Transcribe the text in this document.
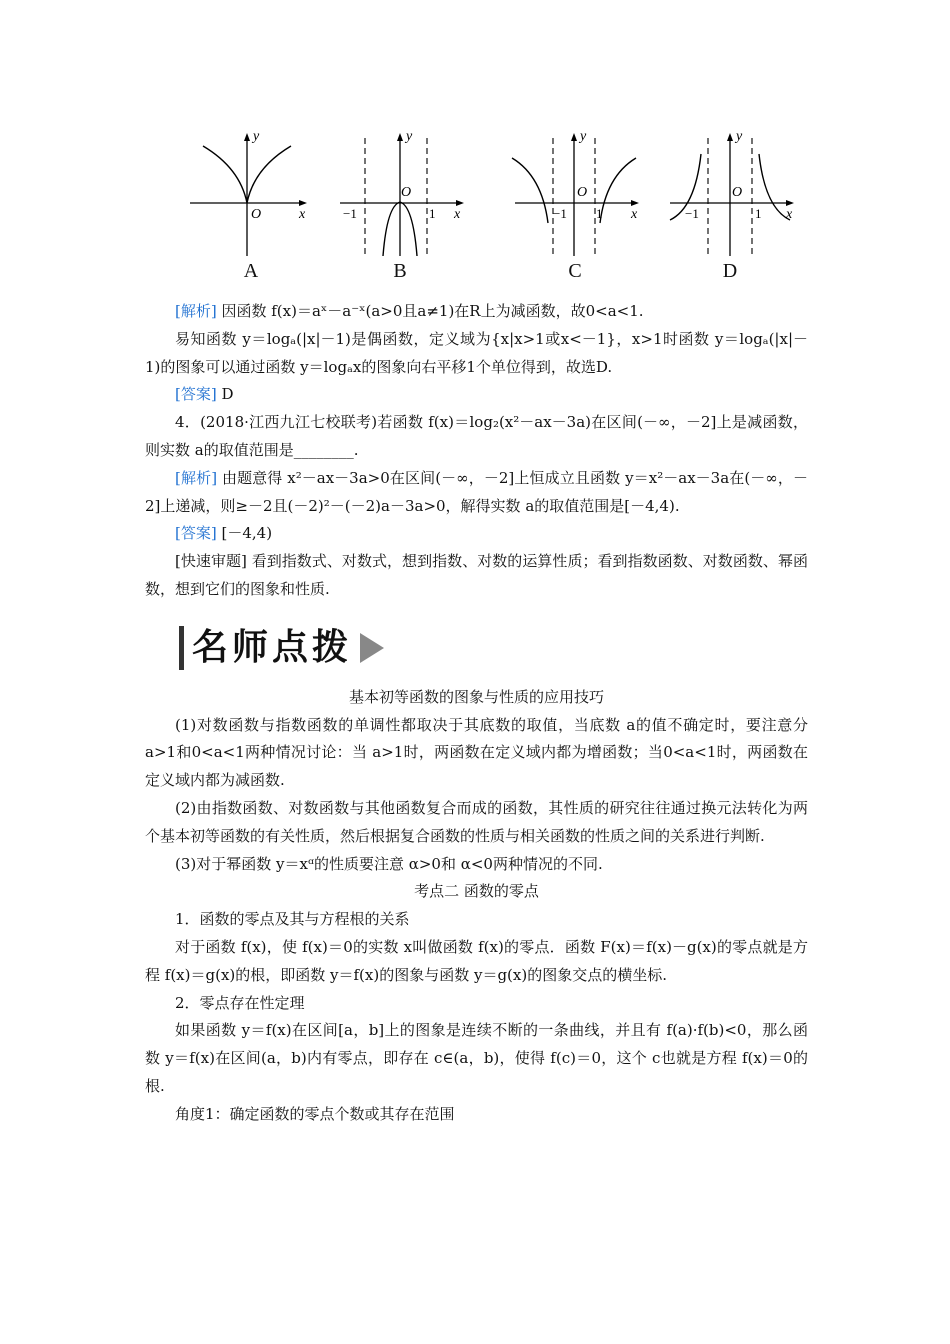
y
x
O
A
y
x
O
−1	1
B
y
x
O
−1 1
C
y
x
O
−1	1
D

[解析] 因函数 f(x)＝aˣ－a⁻ˣ(a>0且a≠1)在R上为减函数，故0<a<1.

易知函数 y＝logₐ(|x|－1)是偶函数，定义域为{x|x>1或x<－1}，x>1时函数 y＝logₐ(|x|－1)的图象可以通过函数 y＝logₐx的图象向右平移1个单位得到，故选D.

[答案] D

4．(2018·江西九江七校联考)若函数 f(x)＝log₂(x²－ax－3a)在区间(－∞，－2]上是减函数，则实数 a的取值范围是________.

[解析] 由题意得 x²－ax－3a>0在区间(－∞，－2]上恒成立且函数 y＝x²－ax－3a在(－∞，－2]上递减，则≥－2且(－2)²－(－2)a－3a>0，解得实数 a的取值范围是[－4,4).

[答案] [－4,4)

[快速审题] 看到指数式、对数式，想到指数、对数的运算性质；看到指数函数、对数函数、幂函数，想到它们的图象和性质.

名师点拨

基本初等函数的图象与性质的应用技巧

(1)对数函数与指数函数的单调性都取决于其底数的取值，当底数 a的值不确定时，要注意分 a>1和0<a<1两种情况讨论：当 a>1时，两函数在定义域内都为增函数；当0<a<1时，两函数在定义域内都为减函数.

(2)由指数函数、对数函数与其他函数复合而成的函数，其性质的研究往往通过换元法转化为两个基本初等函数的有关性质，然后根据复合函数的性质与相关函数的性质之间的关系进行判断.

(3)对于幂函数 y＝xᵅ的性质要注意 α>0和 α<0两种情况的不同.

考点二 函数的零点

1．函数的零点及其与方程根的关系

对于函数 f(x)，使 f(x)＝0的实数 x叫做函数 f(x)的零点．函数 F(x)＝f(x)－g(x)的零点就是方程 f(x)＝g(x)的根，即函数 y＝f(x)的图象与函数 y＝g(x)的图象交点的横坐标.

2．零点存在性定理

如果函数 y＝f(x)在区间[a，b]上的图象是连续不断的一条曲线，并且有 f(a)·f(b)<0，那么函数 y＝f(x)在区间(a，b)内有零点，即存在 c∈(a，b)，使得 f(c)＝0，这个 c也就是方程 f(x)＝0的根.

角度1：确定函数的零点个数或其存在范围
